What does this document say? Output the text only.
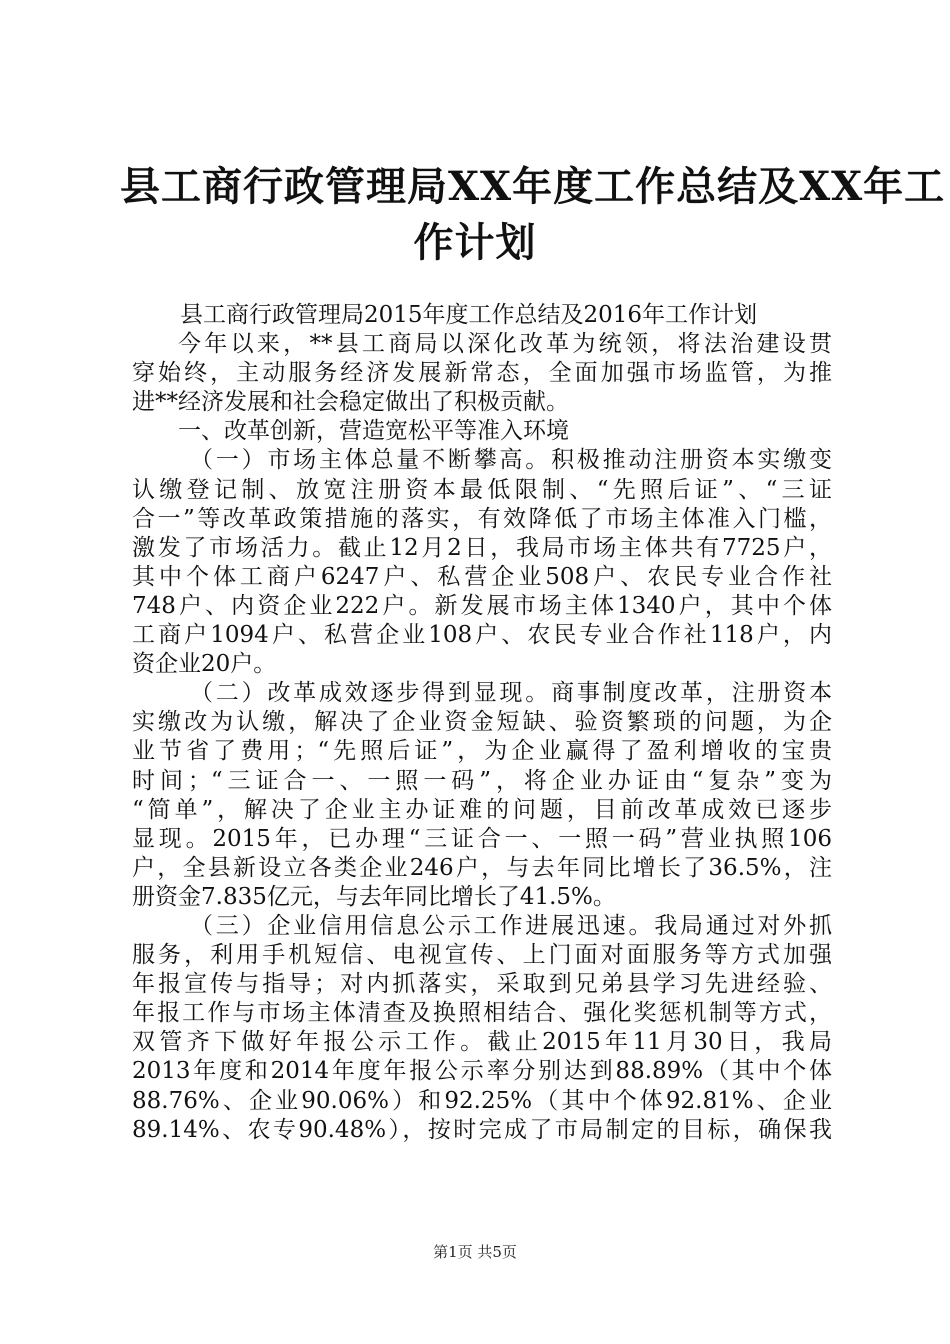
县工商行政管理局XX年度工作总结及XX年工
作计划
县工商行政管理局2015年度工作总结及2016年工作计划
今年以来，**县工商局以深化改革为统领，将法治建设贯
穿始终，主动服务经济发展新常态，全面加强市场监管，为推
进**经济发展和社会稳定做出了积极贡献。
一、改革创新，营造宽松平等准入环境
（一）市场主体总量不断攀高。积极推动注册资本实缴变
认缴登记制、放宽注册资本最低限制、“先照后证”、“三证
合一”等改革政策措施的落实，有效降低了市场主体准入门槛，
激发了市场活力。截止12月2日，我局市场主体共有7725户，
其中个体工商户6247户、私营企业508户、农民专业合作社
748户、内资企业222户。新发展市场主体1340户，其中个体
工商户1094户、私营企业108户、农民专业合作社118户，内
资企业20户。
（二）改革成效逐步得到显现。商事制度改革，注册资本
实缴改为认缴，解决了企业资金短缺、验资繁琐的问题，为企
业节省了费用；“先照后证”，为企业赢得了盈利增收的宝贵
时间；“三证合一、一照一码”，将企业办证由“复杂”变为
“简单”，解决了企业主办证难的问题，目前改革成效已逐步
显现。2015年，已办理“三证合一、一照一码”营业执照106
户，全县新设立各类企业246户，与去年同比增长了36.5%，注
册资金7.835亿元，与去年同比增长了41.5%。
（三）企业信用信息公示工作进展迅速。我局通过对外抓
服务，利用手机短信、电视宣传、上门面对面服务等方式加强
年报宣传与指导；对内抓落实，采取到兄弟县学习先进经验、
年报工作与市场主体清查及换照相结合、强化奖惩机制等方式，
双管齐下做好年报公示工作。截止2015年11月30日，我局
2013年度和2014年度年报公示率分别达到88.89%（其中个体
88.76%、企业90.06%）和92.25%（其中个体92.81%、企业
89.14%、农专90.48%），按时完成了市局制定的目标，确保我
第1页 共5页
